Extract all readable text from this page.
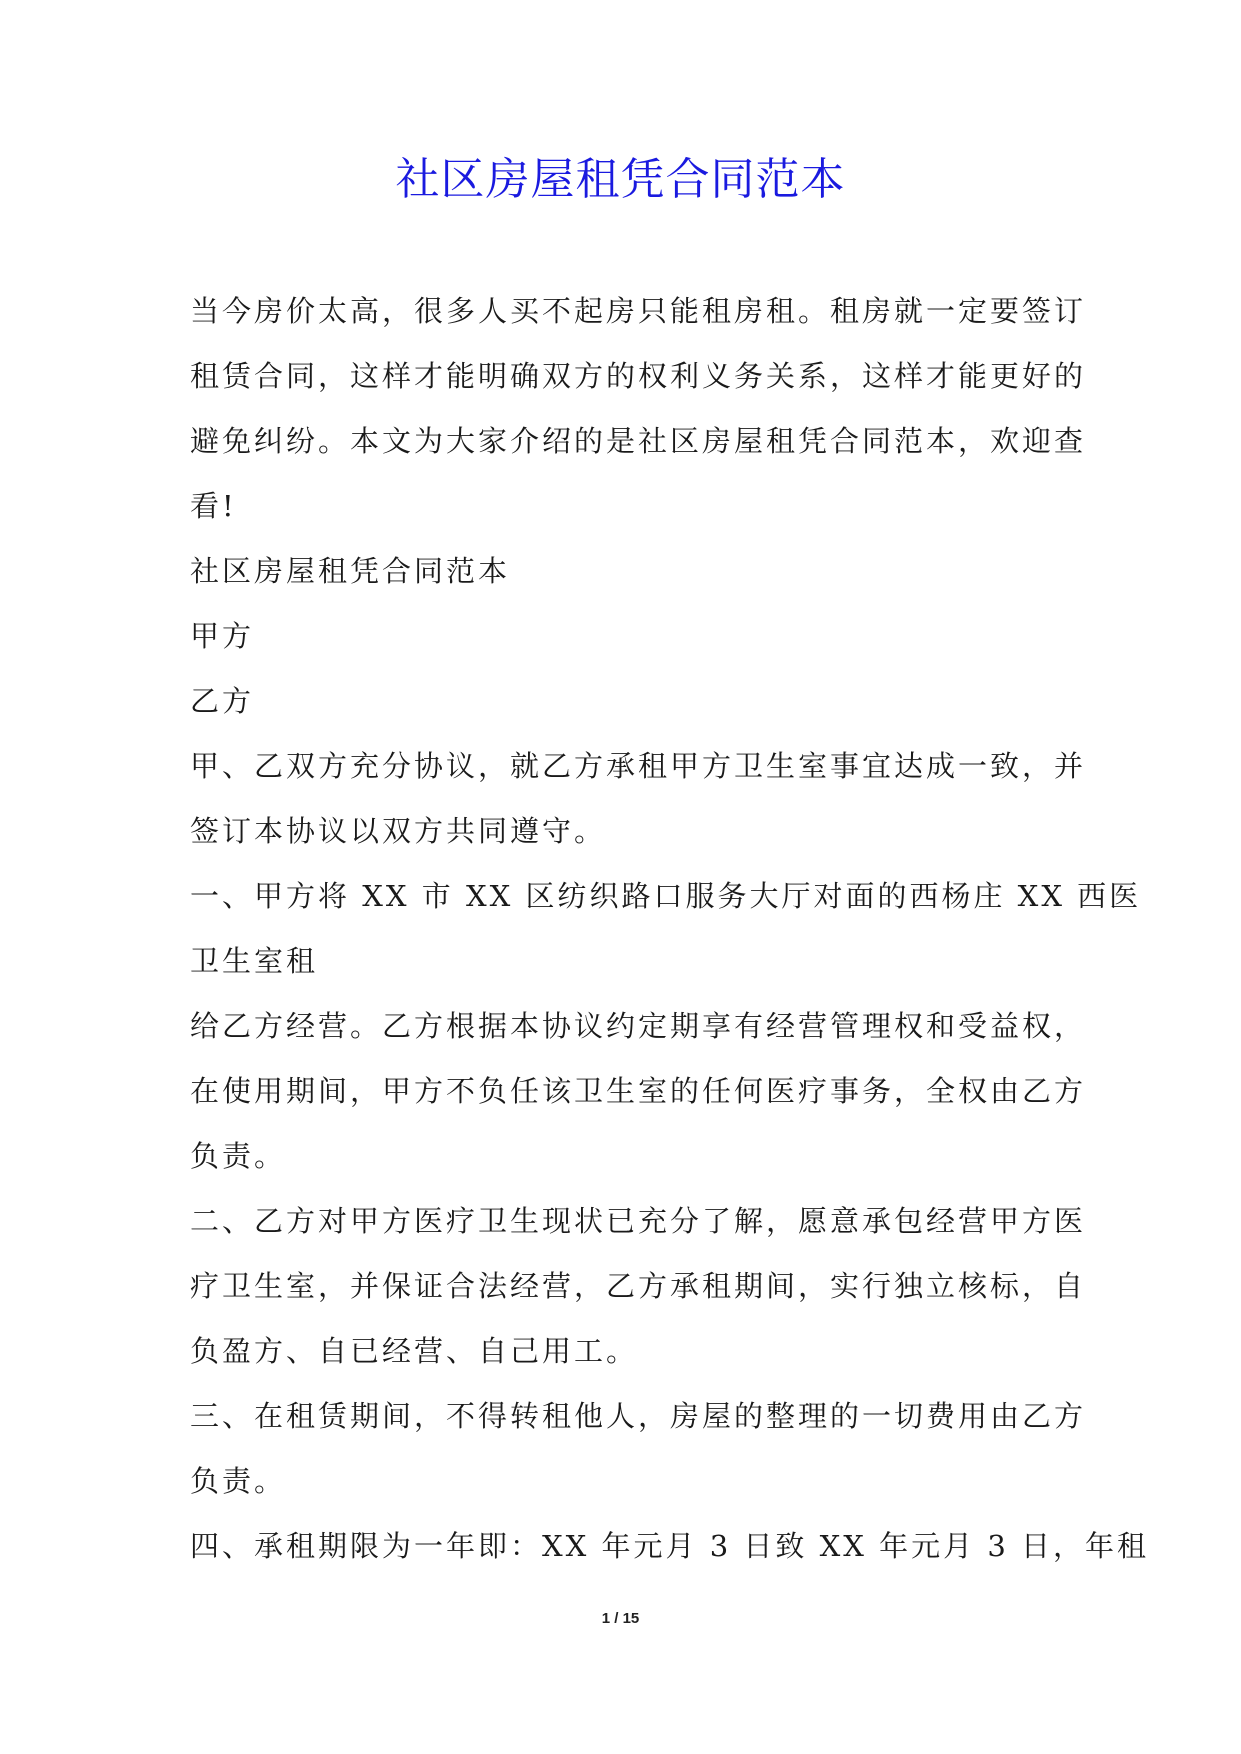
社区房屋租凭合同范本
当今房价太高，很多人买不起房只能租房租。租房就一定要签订
租赁合同，这样才能明确双方的权利义务关系，这样才能更好的
避免纠纷。本文为大家介绍的是社区房屋租凭合同范本，欢迎查
看!
社区房屋租凭合同范本
甲方
乙方
甲、乙双方充分协议，就乙方承租甲方卫生室事宜达成一致，并
签订本协议以双方共同遵守。
一、甲方将 XX 市 XX 区纺织路口服务大厅对面的西杨庄 XX 西医
卫生室租
给乙方经营。乙方根据本协议约定期享有经营管理权和受益权，
在使用期间，甲方不负任该卫生室的任何医疗事务，全权由乙方
负责。
二、乙方对甲方医疗卫生现状已充分了解，愿意承包经营甲方医
疗卫生室，并保证合法经营，乙方承租期间，实行独立核标，自
负盈方、自已经营、自己用工。
三、在租赁期间，不得转租他人，房屋的整理的一切费用由乙方
负责。
四、承租期限为一年即：XX 年元月 3 日致 XX 年元月 3 日，年租
1 / 15
